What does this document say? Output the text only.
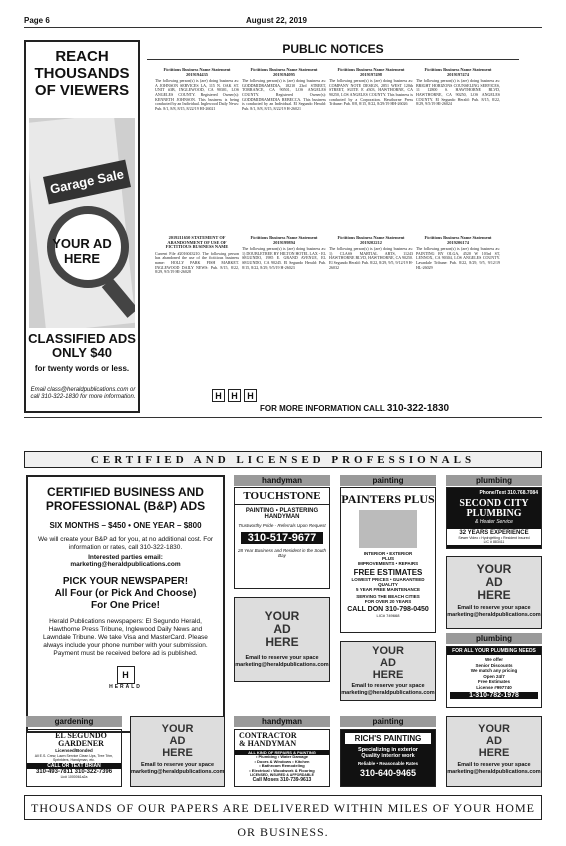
Page 6	August 22, 2019
REACH
THOUSANDS
OF VIEWERS
Garage Sale
YOUR AD
HERE
CLASSIFIED ADS
ONLY $40
for twenty words or less.
Email class@heraldpublications.com or call 310-322-1830 for more information.
PUBLIC NOTICES
Fictitious Business Name Statement 2019194435
The following person(s) is (are) doing business as: A JOHNSON SERVICES LA, 115 N. OAK ST. UNIT #3B, INGLEWOOD, CA 90301, LOS ANGELES COUNTY. Registered Owner(s): KENNETH JOHNSON. This business is being conducted by an Individual. Inglewood Daily News: Pub. 8/1, 8/8, 8/15, 8/22/19 HI-26021
Fictitious Business Name Statement 2019194095
The following person(s) is (are) doing business as: GODDMIDRAMEDIA, 18210 23rd STREET, TORRANCE, CA 90501, LOS ANGELES COUNTY. Registered Owner(s): GODDMIDRAMEDIA REBECCA. This business is conducted by an Individual. El Segundo Herald: Pub. 8/1, 8/8, 8/15, 8/22/19 H-26021
Fictitious Business Name Statement 2019197498
The following person(s) is (are) doing business as: COMPANY NOTE DESIGN, 2851 WEST 120th STREET, SUITE E #303, HAWTHORNE, CA 90250, LOS ANGELES COUNTY. This business is conducted by a Corporation. Hawthorne Press Tribune: Pub. 8/8, 8/15, 8/22, 8/29/19 HH-26026
Fictitious Business Name Statement 2019197474
The following person(s) is (are) doing business as: BRIGHT HORIZONS COUNSELING SERVICES, 11 12800 S. HAWTHORNE BLVD, HAWTHORNE, CA 90250, LOS ANGELES COUNTY. El Segundo Herald: Pub. 8/15, 8/22, 8/29, 9/5/19 HI-26024
2019211650 STATEMENT OF ABANDONMENT OF USE OF FICTITIOUS BUSINESS NAME
Current File #2016043210. The following person has abandoned the use of the fictitious business name: HOLLY PARK FISH MARKET. INGLEWOOD DAILY NEWS: Pub. 8/15, 8/22, 8/29, 9/5/19 HI-26028
Fictitious Business Name Statement 2019199894
The following person(s) is (are) doing business as: 1) DOUBLETREE BY HILTON HOTEL LAX - EL SEGUNDO, 1985 E. GRAND AVENUE, EL SEGUNDO, CA 90245. El Segundo Herald: Pub. 8/15, 8/22, 8/29, 9/5/19 H-26023
Fictitious Business Name Statement 2019202212
The following person(s) is (are) doing business as: 1) CLASS MARTIAL ARTS, 11243 HAWTHORNE BLVD, HAWTHORNE, CA 90250. El Segundo Herald: Pub. 8/22, 8/29, 9/5, 9/12/19 H-26032
Fictitious Business Name Statement 2019206174
The following person(s) is (are) doing business as: PAINTING BY OLGA, 4520 W 103rd ST, LENNOX, CA 90304, LOS ANGELES COUNTY. Lawndale Tribune: Pub. 8/22, 8/29, 9/5, 9/12/19 HL-26029
H	H	H
FOR MORE INFORMATION CALL 310-322-1830
CERTIFIED AND LICENSED PROFESSIONALS
CERTIFIED BUSINESS AND PROFESSIONAL (B&P) ADS
SIX MONTHS – $450 • ONE YEAR – $800
We will create your B&P ad for you, at no additional cost. For information or rates, call 310-322-1830.
Interested parties email:
marketing@heraldpublications.com
PICK YOUR NEWSPAPER!
All Four (or Pick And Choose)
For One Price!
Herald Publications newspapers: El Segundo Herald, Hawthorne Press Tribune, Inglewood Daily News and Lawndale Tribune. We take Visa and MasterCard. Please always include your phone number with your submission. Payment must be received before ad is published.
H
HERALD
handyman	painting	plumbing
TOUCHSTONE
PAINTING • PLASTERING
HANDYMAN
Trustworthy Pride - Referrals Upon Request
310-517-9677
28 Year Business and Resident in the South Bay
YOUR
AD
HERE
Email to reserve your space
marketing@heraldpublications.com
PAINTERS PLUS
INTERIOR • EXTERIOR
PLUS
IMPROVEMENTS • REPAIRS
FREE ESTIMATES
LOWEST PRICES • GUARANTEED QUALITY
5 YEAR FREE MAINTENANCE
SERVING THE BEACH CITIES FOR OVER 20 YEARS
CALL DON 310-798-0450
LIC# 749668
YOUR
AD
HERE
Email to reserve your space
marketing@heraldpublications.com
Phone/Text 310.768.7084
SECOND CITY PLUMBING
& Heater Service
32 YEARS EXPERIENCE
Sewer Video • Hydrojetting • Resident Insured
LIC # 883411
YOUR
AD
HERE
Email to reserve your space
marketing@heraldpublications.com
plumbing
FOR ALL YOUR PLUMBING NEEDS
We offer
Senior Discounts
We match any pricing
Open 24/7
Free Estimates
License #997740
1-310-782-1978
gardening	handyman	painting
EL SEGUNDO
GARDENER
Licensed/Bonded
All E.S. Crew, Lawn Service Clean Ups, Tree Trim, Sprinklers, Handyman, etc.
CALL OR TEXT BRIAN
310-493-7811 310-322-7396
Lic# 1000061a2a
YOUR
AD
HERE
Email to reserve your space
marketing@heraldpublications.com
CONTRACTOR
& HANDYMAN
ALL KIND OF REPAIRS & PAINTING
• Plumbing • Water Damage
• Doors & Windows • Kitchen
• Bathroom Remodeling
• Electrical • Woodwork & Flooring
LICENSED, INSURED & AFFORDABLE
Call Moses 310-739-9613
RICH'S PAINTING
Specializing in exterior
Quality interior work
Reliable • Reasonable Rates
310-640-9465
YOUR
AD
HERE
Email to reserve your space
marketing@heraldpublications.com
THOUSANDS OF OUR PAPERS ARE DELIVERED WITHIN MILES OF YOUR HOME OR BUSINESS.
